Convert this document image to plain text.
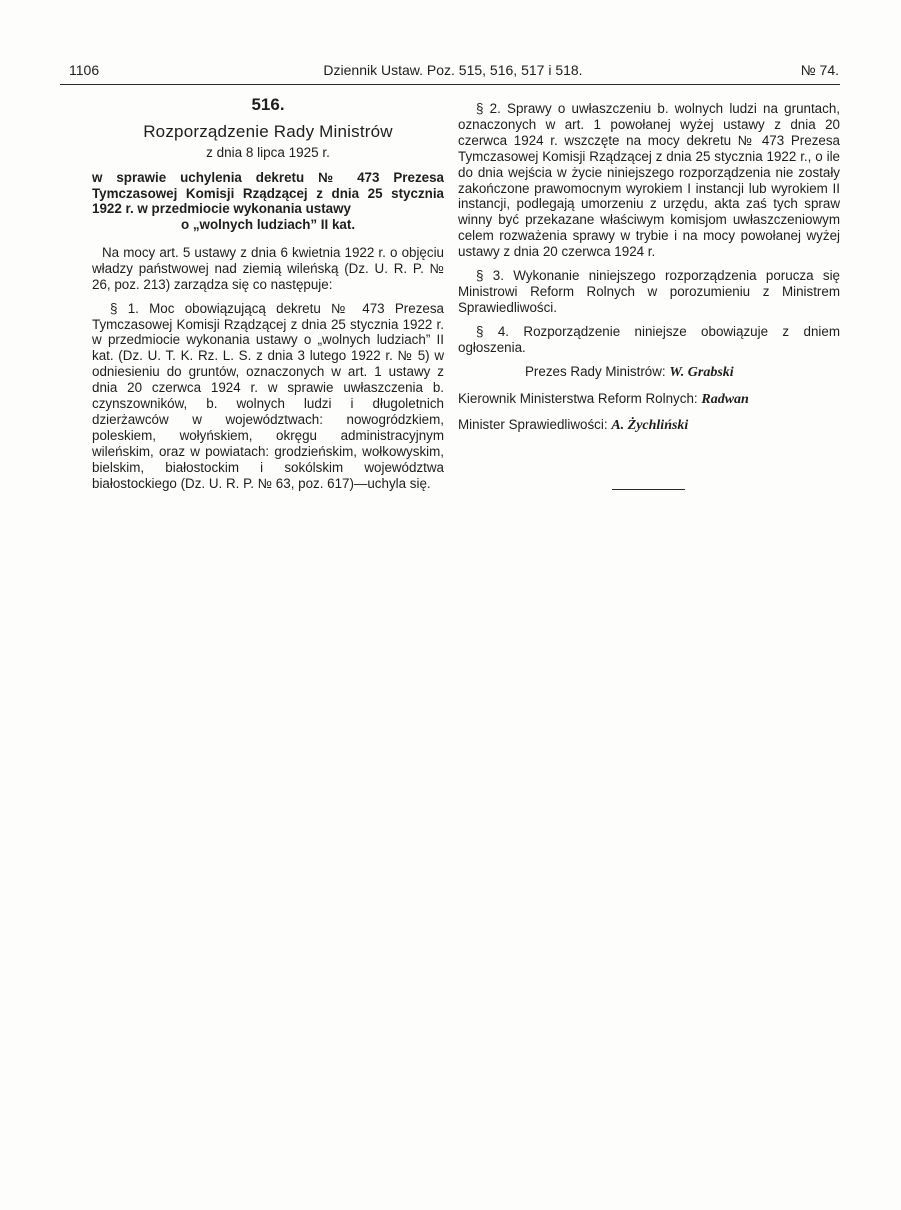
1106	Dziennik Ustaw. Poz. 515, 516, 517 i 518.	№ 74.
516.
Rozporządzenie Rady Ministrów
z dnia 8 lipca 1925 r.
w sprawie uchylenia dekretu № 473 Prezesa Tymczasowej Komisji Rządzącej z dnia 25 stycznia 1922 r. w przedmiocie wykonania ustawy
o „wolnych ludziach” II kat.

Na mocy art. 5 ustawy z dnia 6 kwietnia 1922 r. o objęciu władzy państwowej nad ziemią wileńską (Dz. U. R. P. № 26, poz. 213) zarządza się co następuje:

§ 1. Moc obowiązującą dekretu № 473 Prezesa Tymczasowej Komisji Rządzącej z dnia 25 stycznia 1922 r. w przedmiocie wykonania ustawy o „wolnych ludziach” II kat. (Dz. U. T. K. Rz. L. S. z dnia 3 lutego 1922 r. № 5) w odniesieniu do gruntów, oznaczonych w art. 1 ustawy z dnia 20 czerwca 1924 r. w sprawie uwłaszczenia b. czynszowników, b. wolnych ludzi i długoletnich dzierżawców w województwach: nowogródzkiem, poleskiem, wołyńskiem, okręgu administracyjnym wileńskim, oraz w powiatach: grodzieńskim, wołkowyskim, bielskim, białostockim i sokólskim województwa białostockiego (Dz. U. R. P. № 63, poz. 617)—uchyla się.

§ 2. Sprawy o uwłaszczeniu b. wolnych ludzi na gruntach, oznaczonych w art. 1 powołanej wyżej ustawy z dnia 20 czerwca 1924 r. wszczęte na mocy dekretu № 473 Prezesa Tymczasowej Komisji Rządzącej z dnia 25 stycznia 1922 r., o ile do dnia wejścia w życie niniejszego rozporządzenia nie zostały zakończone prawomocnym wyrokiem I instancji lub wyrokiem II instancji, podlegają umorzeniu z urzędu, akta zaś tych spraw winny być przekazane właściwym komisjom uwłaszczeniowym celem rozważenia sprawy w trybie i na mocy powołanej wyżej ustawy z dnia 20 czerwca 1924 r.

§ 3. Wykonanie niniejszego rozporządzenia porucza się Ministrowi Reform Rolnych w porozumieniu z Ministrem Sprawiedliwości.

§ 4. Rozporządzenie niniejsze obowiązuje z dniem ogłoszenia.

Prezes Rady Ministrów: W. Grabski
Kierownik Ministerstwa Reform Rolnych: Radwan
Minister Sprawiedliwości: A. Żychliński
